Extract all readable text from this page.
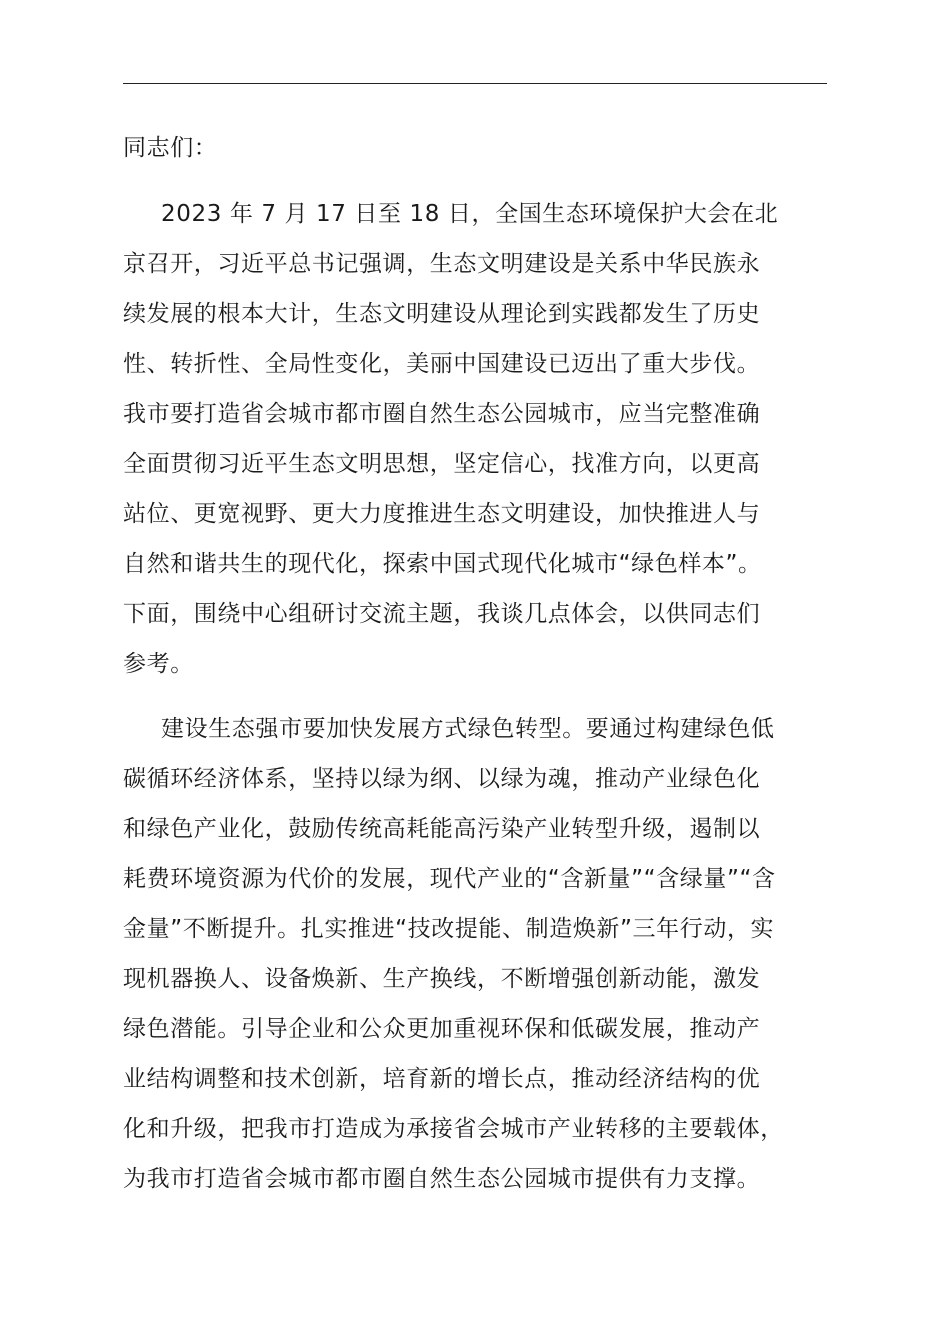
同志们：
2023 年 7 月 17 日至 18 日，全国生态环境保护大会在北
京召开，习近平总书记强调，生态文明建设是关系中华民族永
续发展的根本大计，生态文明建设从理论到实践都发生了历史
性、转折性、全局性变化，美丽中国建设已迈出了重大步伐。
我市要打造省会城市都市圈自然生态公园城市，应当完整准确
全面贯彻习近平生态文明思想，坚定信心，找准方向，以更高
站位、更宽视野、更大力度推进生态文明建设，加快推进人与
自然和谐共生的现代化，探索中国式现代化城市“绿色样本”。
下面，围绕中心组研讨交流主题，我谈几点体会，以供同志们
参考。
建设生态强市要加快发展方式绿色转型。要通过构建绿色低
碳循环经济体系，坚持以绿为纲、以绿为魂，推动产业绿色化
和绿色产业化，鼓励传统高耗能高污染产业转型升级，遏制以
耗费环境资源为代价的发展，现代产业的“含新量”“含绿量”“含
金量”不断提升。扎实推进“技改提能、制造焕新”三年行动，实
现机器换人、设备焕新、生产换线，不断增强创新动能，激发
绿色潜能。引导企业和公众更加重视环保和低碳发展，推动产
业结构调整和技术创新，培育新的增长点，推动经济结构的优
化和升级，把我市打造成为承接省会城市产业转移的主要载体，
为我市打造省会城市都市圈自然生态公园城市提供有力支撑。
